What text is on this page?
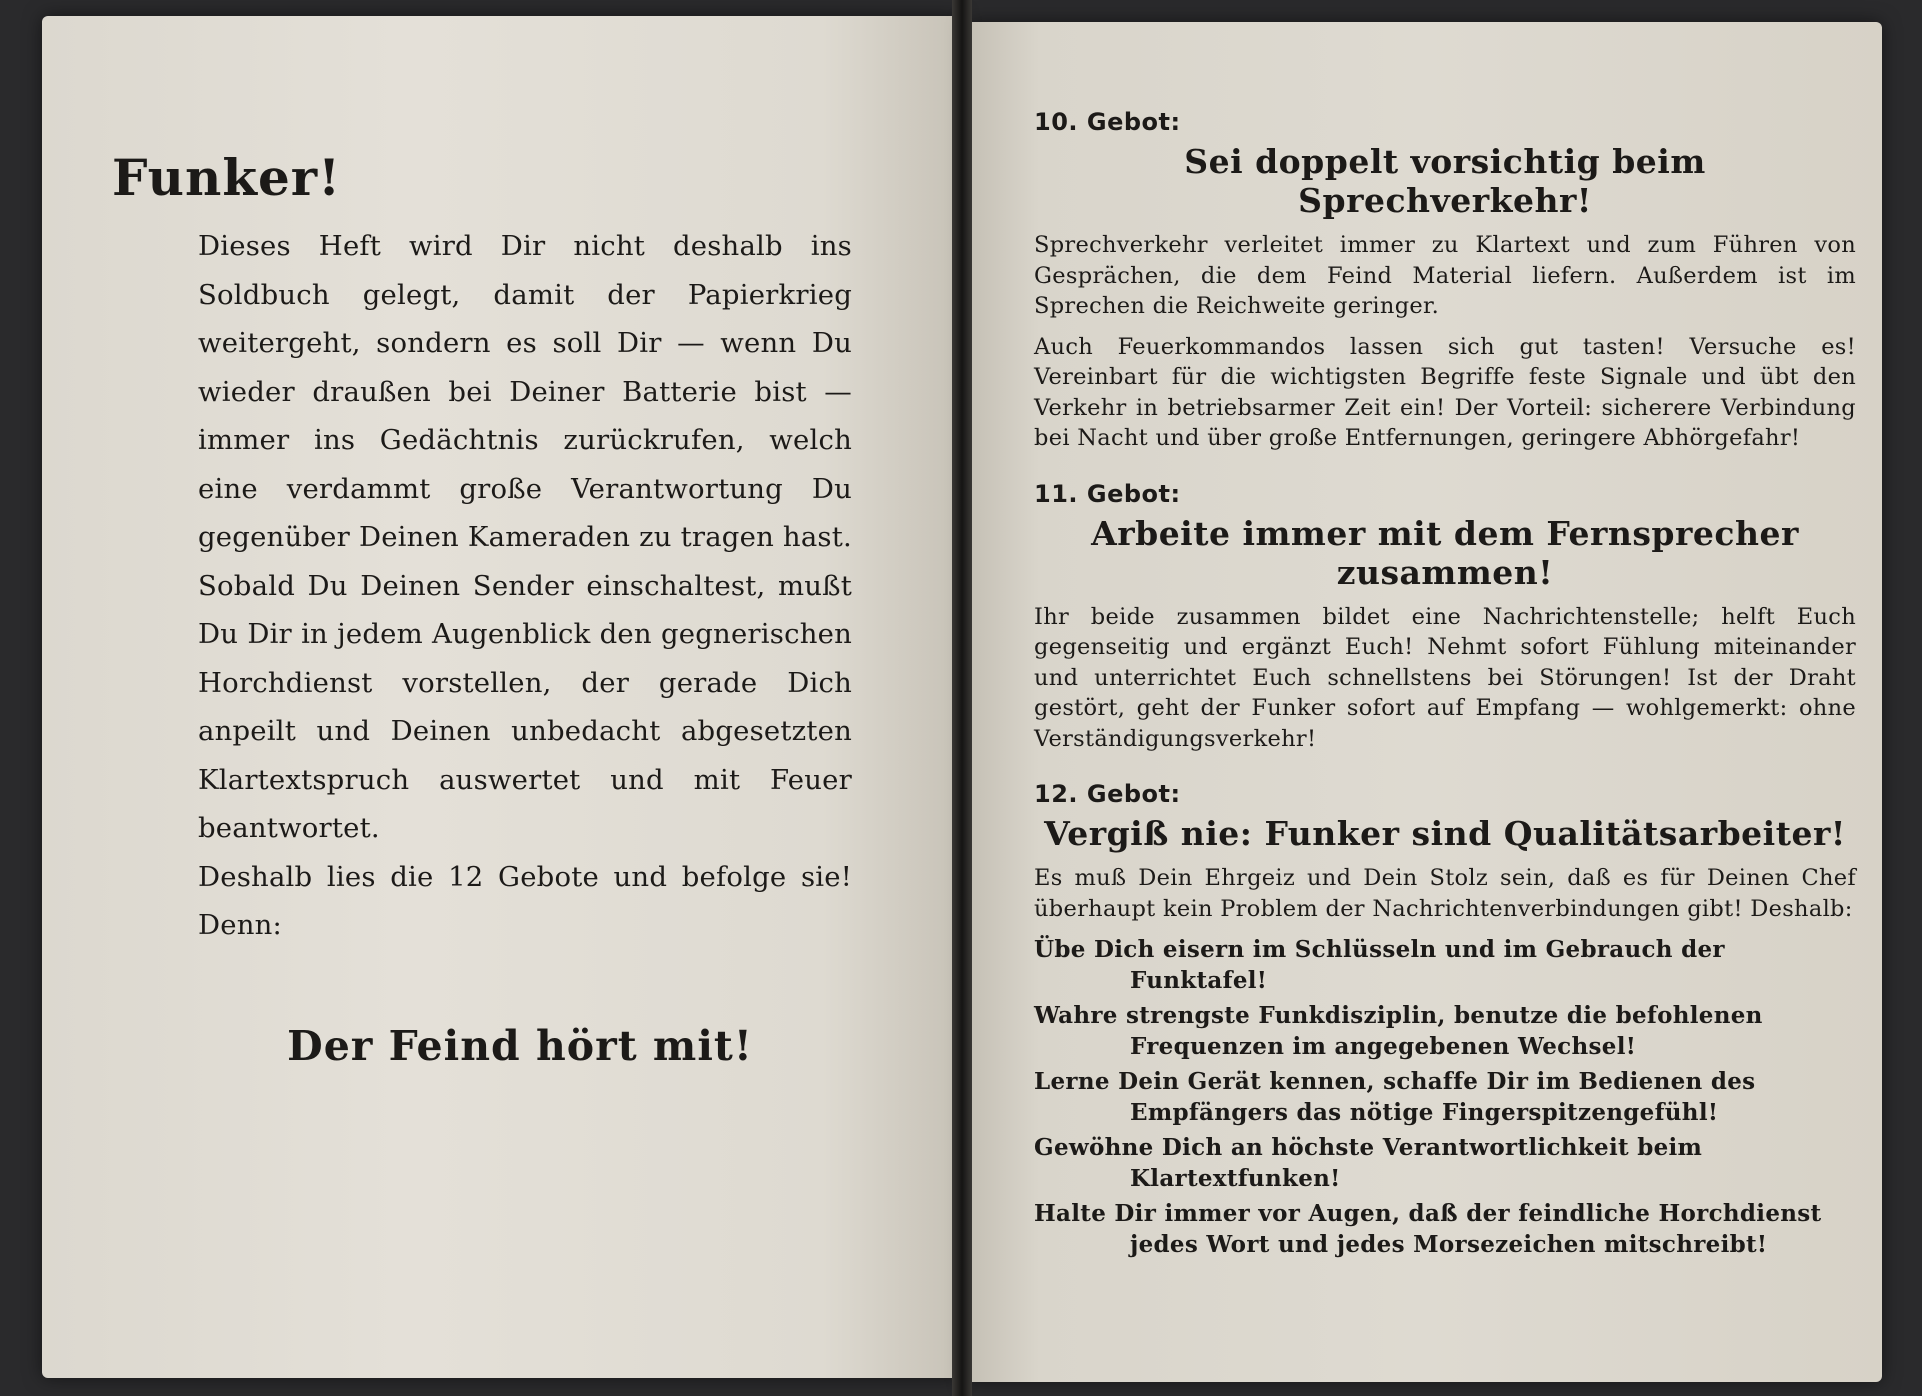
Funker!

Dieses Heft wird Dir nicht deshalb ins Soldbuch gelegt, damit der Papierkrieg weitergeht, sondern es soll Dir — wenn Du wieder draußen bei Deiner Batterie bist — immer ins Gedächtnis zurückrufen, welch eine verdammt große Verantwortung Du gegenüber Deinen Kameraden zu tragen hast.

Sobald Du Deinen Sender einschaltest, mußt Du Dir in jedem Augenblick den gegnerischen Horchdienst vorstellen, der gerade Dich anpeilt und Deinen unbedacht abgesetzten Klartextspruch auswertet und mit Feuer beantwortet.

Deshalb lies die 12 Gebote und befolge sie! Denn:

Der Feind hört mit!
10. Gebot:
Sei doppelt vorsichtig beim Sprechverkehr!

Sprechverkehr verleitet immer zu Klartext und zum Führen von Gesprächen, die dem Feind Material liefern. Außerdem ist im Sprechen die Reichweite geringer.

Auch Feuerkommandos lassen sich gut tasten! Versuche es! Vereinbart für die wichtigsten Begriffe feste Signale und übt den Verkehr in betriebsarmer Zeit ein! Der Vorteil: sicherere Verbindung bei Nacht und über große Entfernungen, geringere Abhörgefahr!

11. Gebot:
Arbeite immer mit dem Fernsprecher zusammen!

Ihr beide zusammen bildet eine Nachrichtenstelle; helft Euch gegenseitig und ergänzt Euch! Nehmt sofort Fühlung miteinander und unterrichtet Euch schnellstens bei Störungen! Ist der Draht gestört, geht der Funker sofort auf Empfang — wohlgemerkt: ohne Verständigungsverkehr!

12. Gebot:
Vergiß nie: Funker sind Qualitätsarbeiter!

Es muß Dein Ehrgeiz und Dein Stolz sein, daß es für Deinen Chef überhaupt kein Problem der Nachrichtenverbindungen gibt! Deshalb:

Übe Dich eisern im Schlüsseln und im Gebrauch der Funktafel!
Wahre strengste Funkdisziplin, benutze die befohlenen Frequenzen im angegebenen Wechsel!
Lerne Dein Gerät kennen, schaffe Dir im Bedienen des Empfängers das nötige Fingerspitzengefühl!
Gewöhne Dich an höchste Verantwortlichkeit beim Klartextfunken!
Halte Dir immer vor Augen, daß der feindliche Horchdienst jedes Wort und jedes Morsezeichen mitschreibt!
